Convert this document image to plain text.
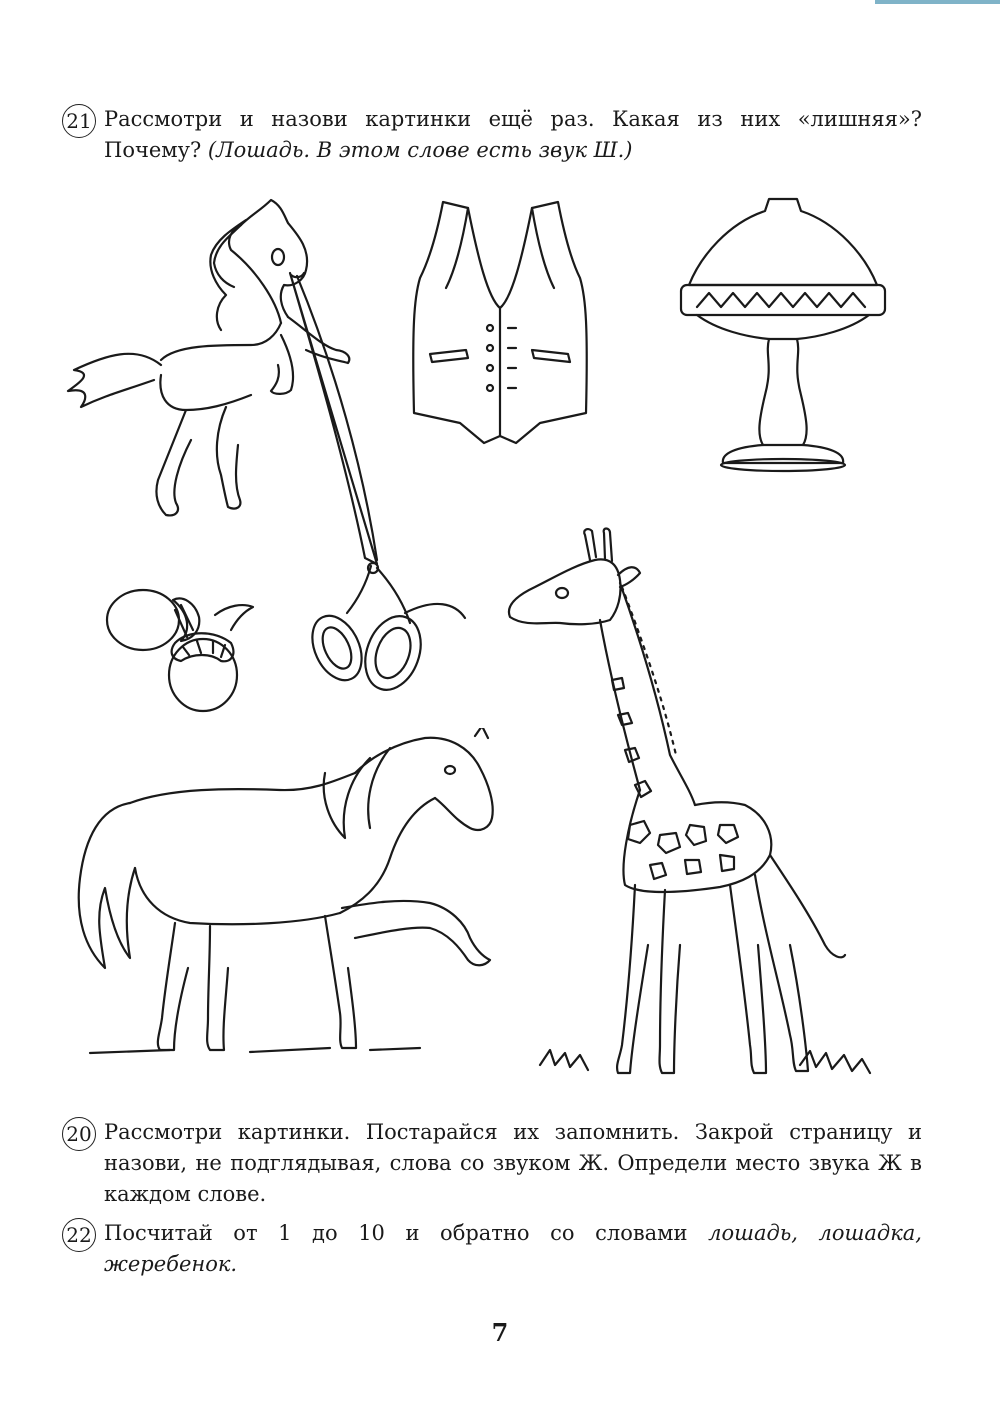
21 Рассмотри и назови картинки ещё раз. Какая из них «лишняя»? Почему? (Лошадь. В этом слове есть звук Ш.)
20 Рассмотри картинки. Постарайся их запомнить. Закрой страницу и назови, не подглядывая, слова со звуком Ж. Определи место звука Ж в каждом слове.
22 Посчитай от 1 до 10 и обратно со словами лошадь, лошадка, жеребенок.
7
